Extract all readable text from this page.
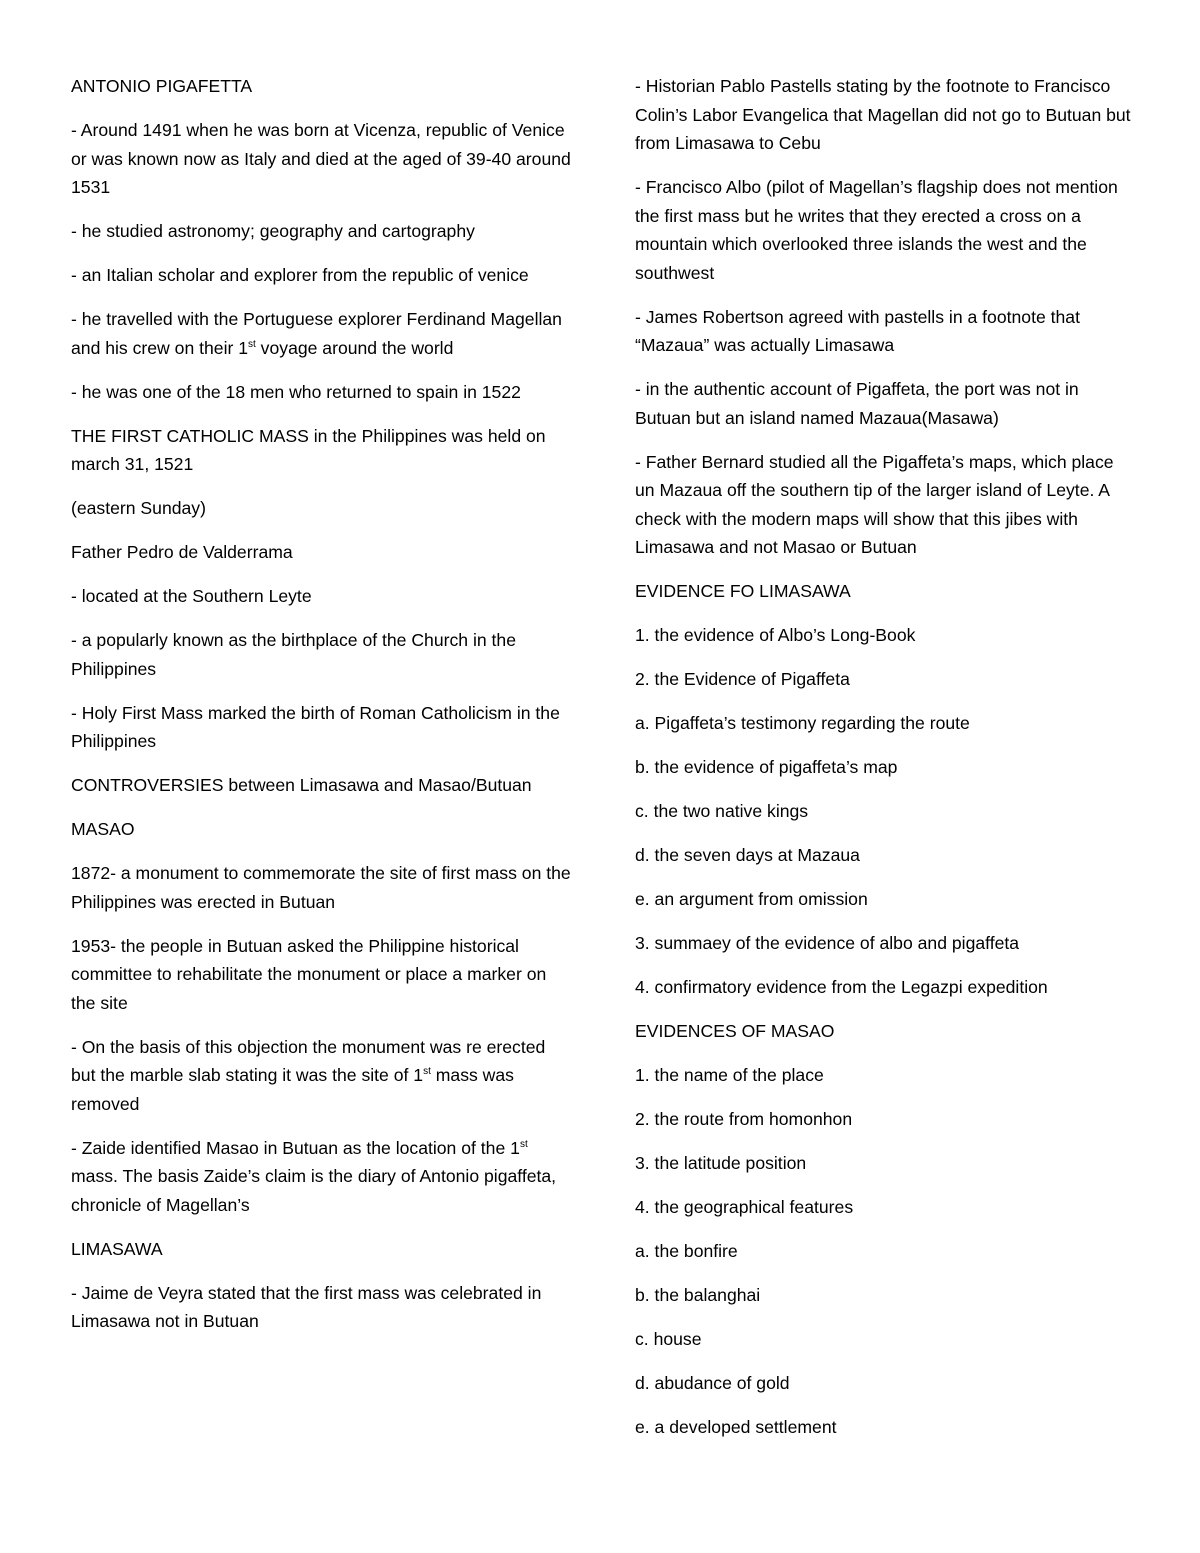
ANTONIO PIGAFETTA

- Around 1491 when he was born at Vicenza, republic of Venice or was known now as Italy and died at the aged of 39-40 around 1531

- he studied astronomy; geography and cartography

- an Italian scholar and explorer from the republic of venice

- he travelled with the Portuguese explorer Ferdinand Magellan and his crew on their 1st voyage around the world

- he was one of the 18 men who returned to spain in 1522

THE FIRST CATHOLIC MASS in the Philippines was held on march 31, 1521

(eastern Sunday)

Father Pedro de Valderrama

- located at the Southern Leyte

- a popularly known as the birthplace of the Church in the Philippines

- Holy First Mass marked the birth of Roman Catholicism in the Philippines

CONTROVERSIES between Limasawa and Masao/Butuan

MASAO

1872- a monument to commemorate the site of first mass on the Philippines was erected in Butuan

1953- the people in Butuan asked the Philippine historical committee to rehabilitate the monument or place a marker on the site

- On the basis of this objection the monument was re erected but the marble slab stating it was the site of 1st mass was removed

- Zaide identified Masao in Butuan as the location of the 1st mass. The basis Zaide’s claim is the diary of Antonio pigaffeta, chronicle of Magellan’s

LIMASAWA

- Jaime de Veyra stated that the first mass was celebrated in Limasawa not in Butuan

- Historian Pablo Pastells stating by the footnote to Francisco Colin’s Labor Evangelica that Magellan did not go to Butuan but from Limasawa to Cebu

- Francisco Albo (pilot of Magellan’s flagship does not mention the first mass but he writes that they erected a cross on a mountain which overlooked three islands the west and the southwest

- James Robertson agreed with pastells in a footnote that “Mazaua” was actually Limasawa

- in the authentic account of Pigaffeta, the port was not in Butuan but an island named Mazaua(Masawa)

- Father Bernard studied all the Pigaffeta’s maps, which place un Mazaua off the southern tip of the larger island of Leyte. A check with the modern maps will show that this jibes with Limasawa and not Masao or Butuan

EVIDENCE FO LIMASAWA

1. the evidence of Albo’s Long-Book

2. the Evidence of Pigaffeta

a. Pigaffeta’s testimony regarding the route

b. the evidence of pigaffeta’s map

c. the two native kings

d. the seven days at Mazaua

e. an argument from omission

3. summaey of the evidence of albo and pigaffeta

4. confirmatory evidence from the Legazpi expedition

EVIDENCES OF MASAO

1. the name of the place

2. the route from homonhon

3. the latitude position

4. the geographical features

a. the bonfire

b. the balanghai

c. house

d. abudance of gold

e. a developed settlement
